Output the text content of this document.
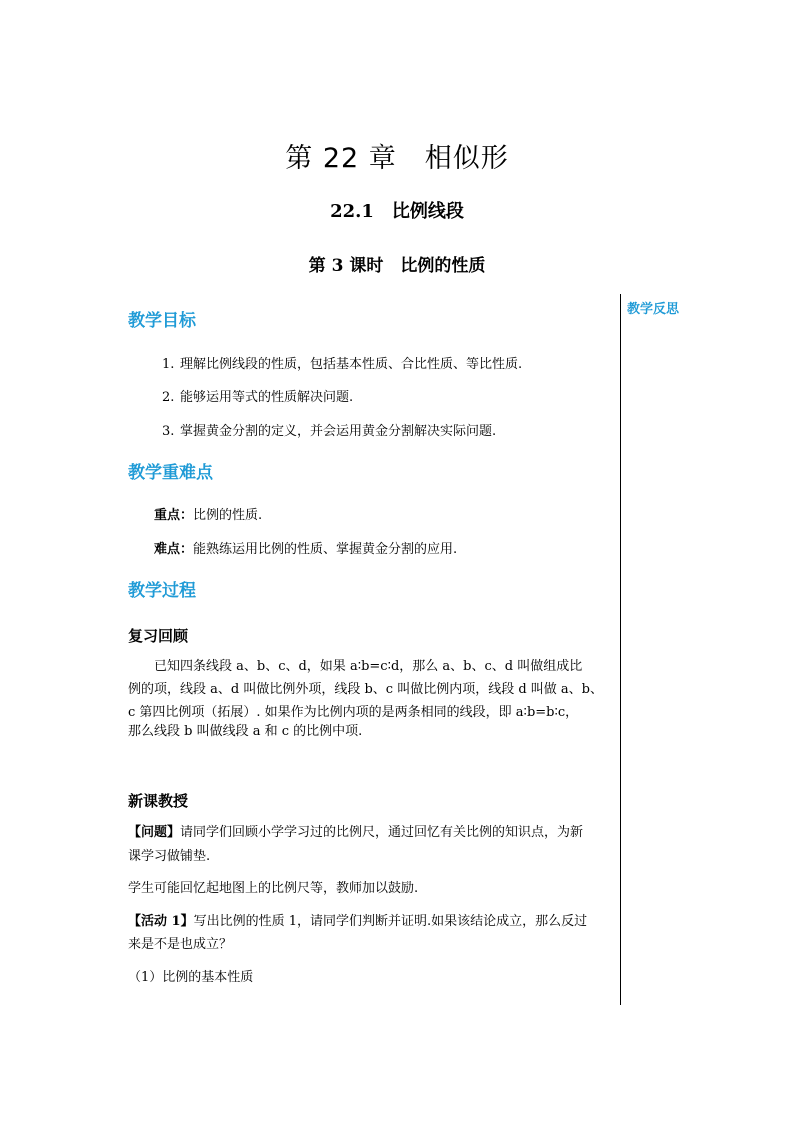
第 22 章　相似形
22.1　比例线段
第 3 课时　比例的性质
教学反思
教学目标
1. 理解比例线段的性质，包括基本性质、合比性质、等比性质.
2. 能够运用等式的性质解决问题.
3. 掌握黄金分割的定义，并会运用黄金分割解决实际问题.
教学重难点
重点：比例的性质.
难点：能熟练运用比例的性质、掌握黄金分割的应用.
教学过程
复习回顾
已知四条线段 a、b、c、d，如果 a∶b=c∶d，那么 a、b、c、d 叫做组成比
例的项，线段 a、d 叫做比例外项，线段 b、c 叫做比例内项，线段 d 叫做 a、b、
c 第四比例项（拓展）. 如果作为比例内项的是两条相同的线段，即 a∶b=b∶c，
那么线段 b 叫做线段 a 和 c 的比例中项.
新课教授
【问题】请同学们回顾小学学习过的比例尺，通过回忆有关比例的知识点，为新
课学习做铺垫.
学生可能回忆起地图上的比例尺等，教师加以鼓励.
【活动 1】写出比例的性质 1，请同学们判断并证明.如果该结论成立，那么反过
来是不是也成立？
（1）比例的基本性质
